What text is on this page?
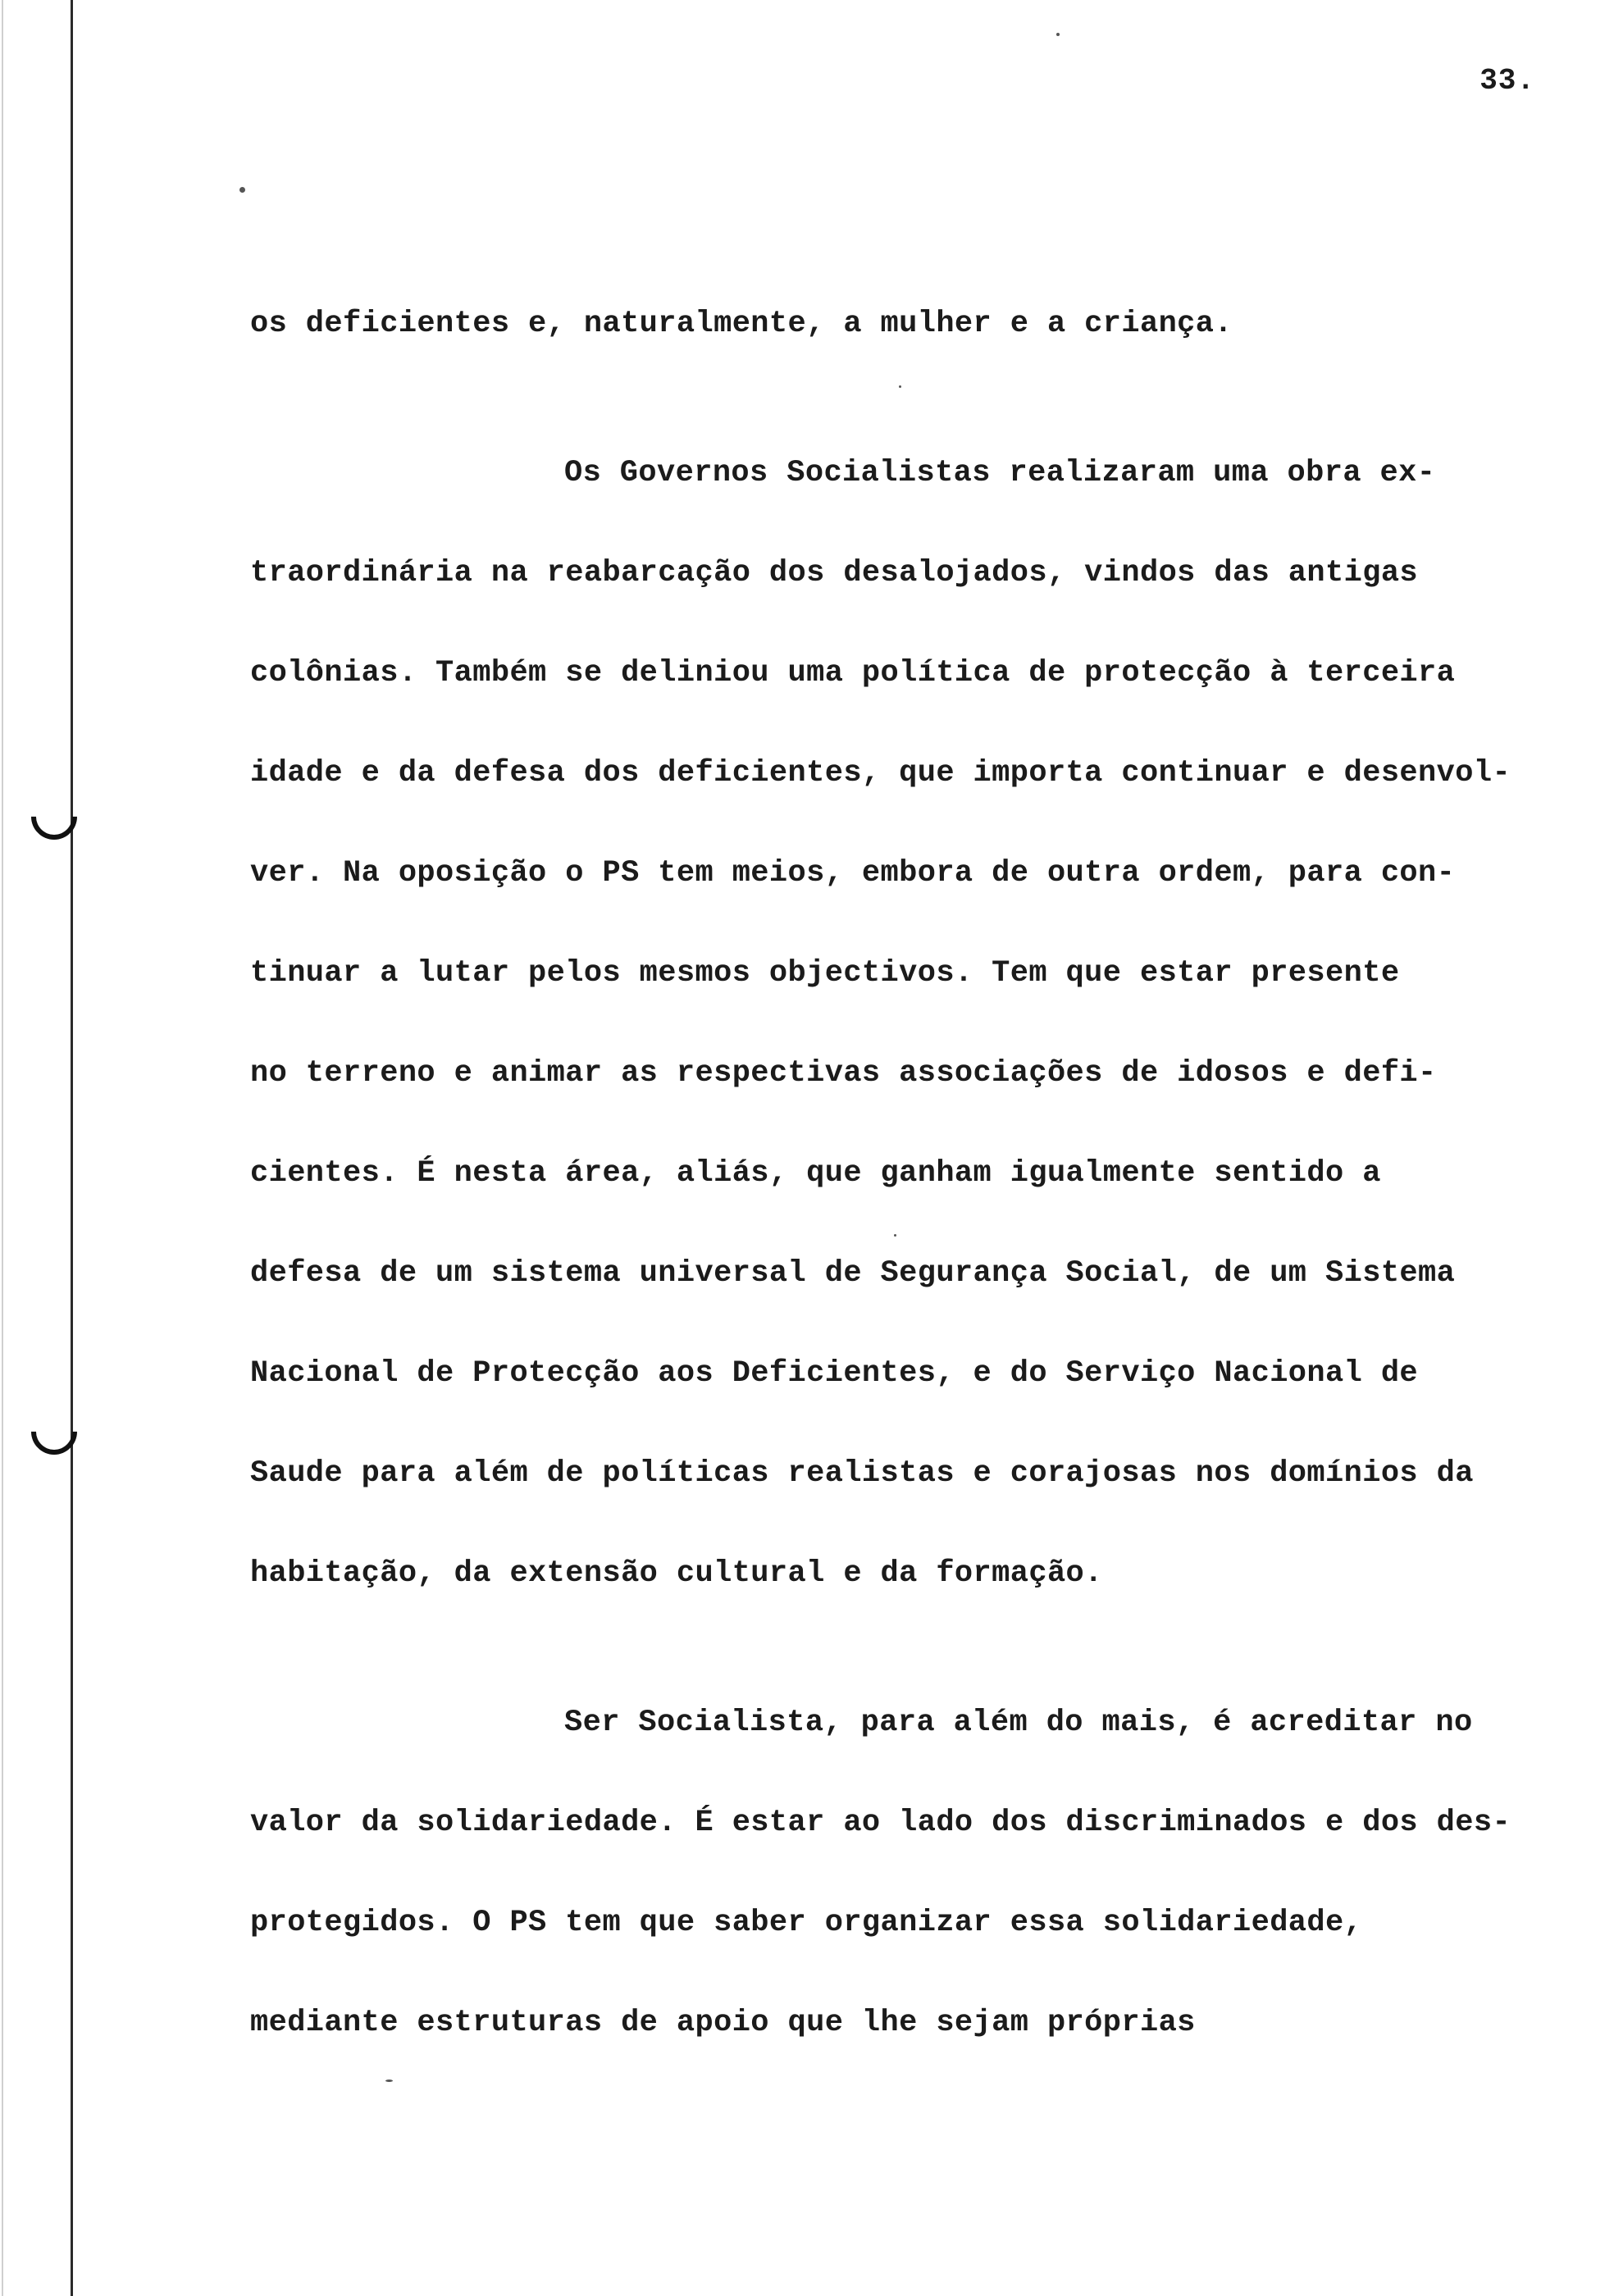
33.

os deficientes e, naturalmente, a mulher e a criança.

Os Governos Socialistas realizaram uma obra ex-

traordinária na reabarcação dos desalojados, vindos das antigas

colônias. Também se deliniou uma política de protecção à terceira

idade e da defesa dos deficientes, que importa continuar e desenvol-

ver. Na oposição o PS tem meios, embora de outra ordem, para con-

tinuar a lutar pelos mesmos objectivos. Tem que estar presente

no terreno e animar as respectivas associações de idosos e defi-

cientes. É nesta área, aliás, que ganham igualmente sentido a

defesa de um sistema universal de Segurança Social, de um Sistema

Nacional de Protecção aos Deficientes, e do Serviço Nacional de

Saude para além de políticas realistas e corajosas nos domínios da

habitação, da extensão cultural e da formação.

Ser Socialista, para além do mais, é acreditar no

valor da solidariedade. É estar ao lado dos discriminados e dos des-

protegidos. O PS tem que saber organizar essa solidariedade,

mediante estruturas de apoio que lhe sejam próprias
